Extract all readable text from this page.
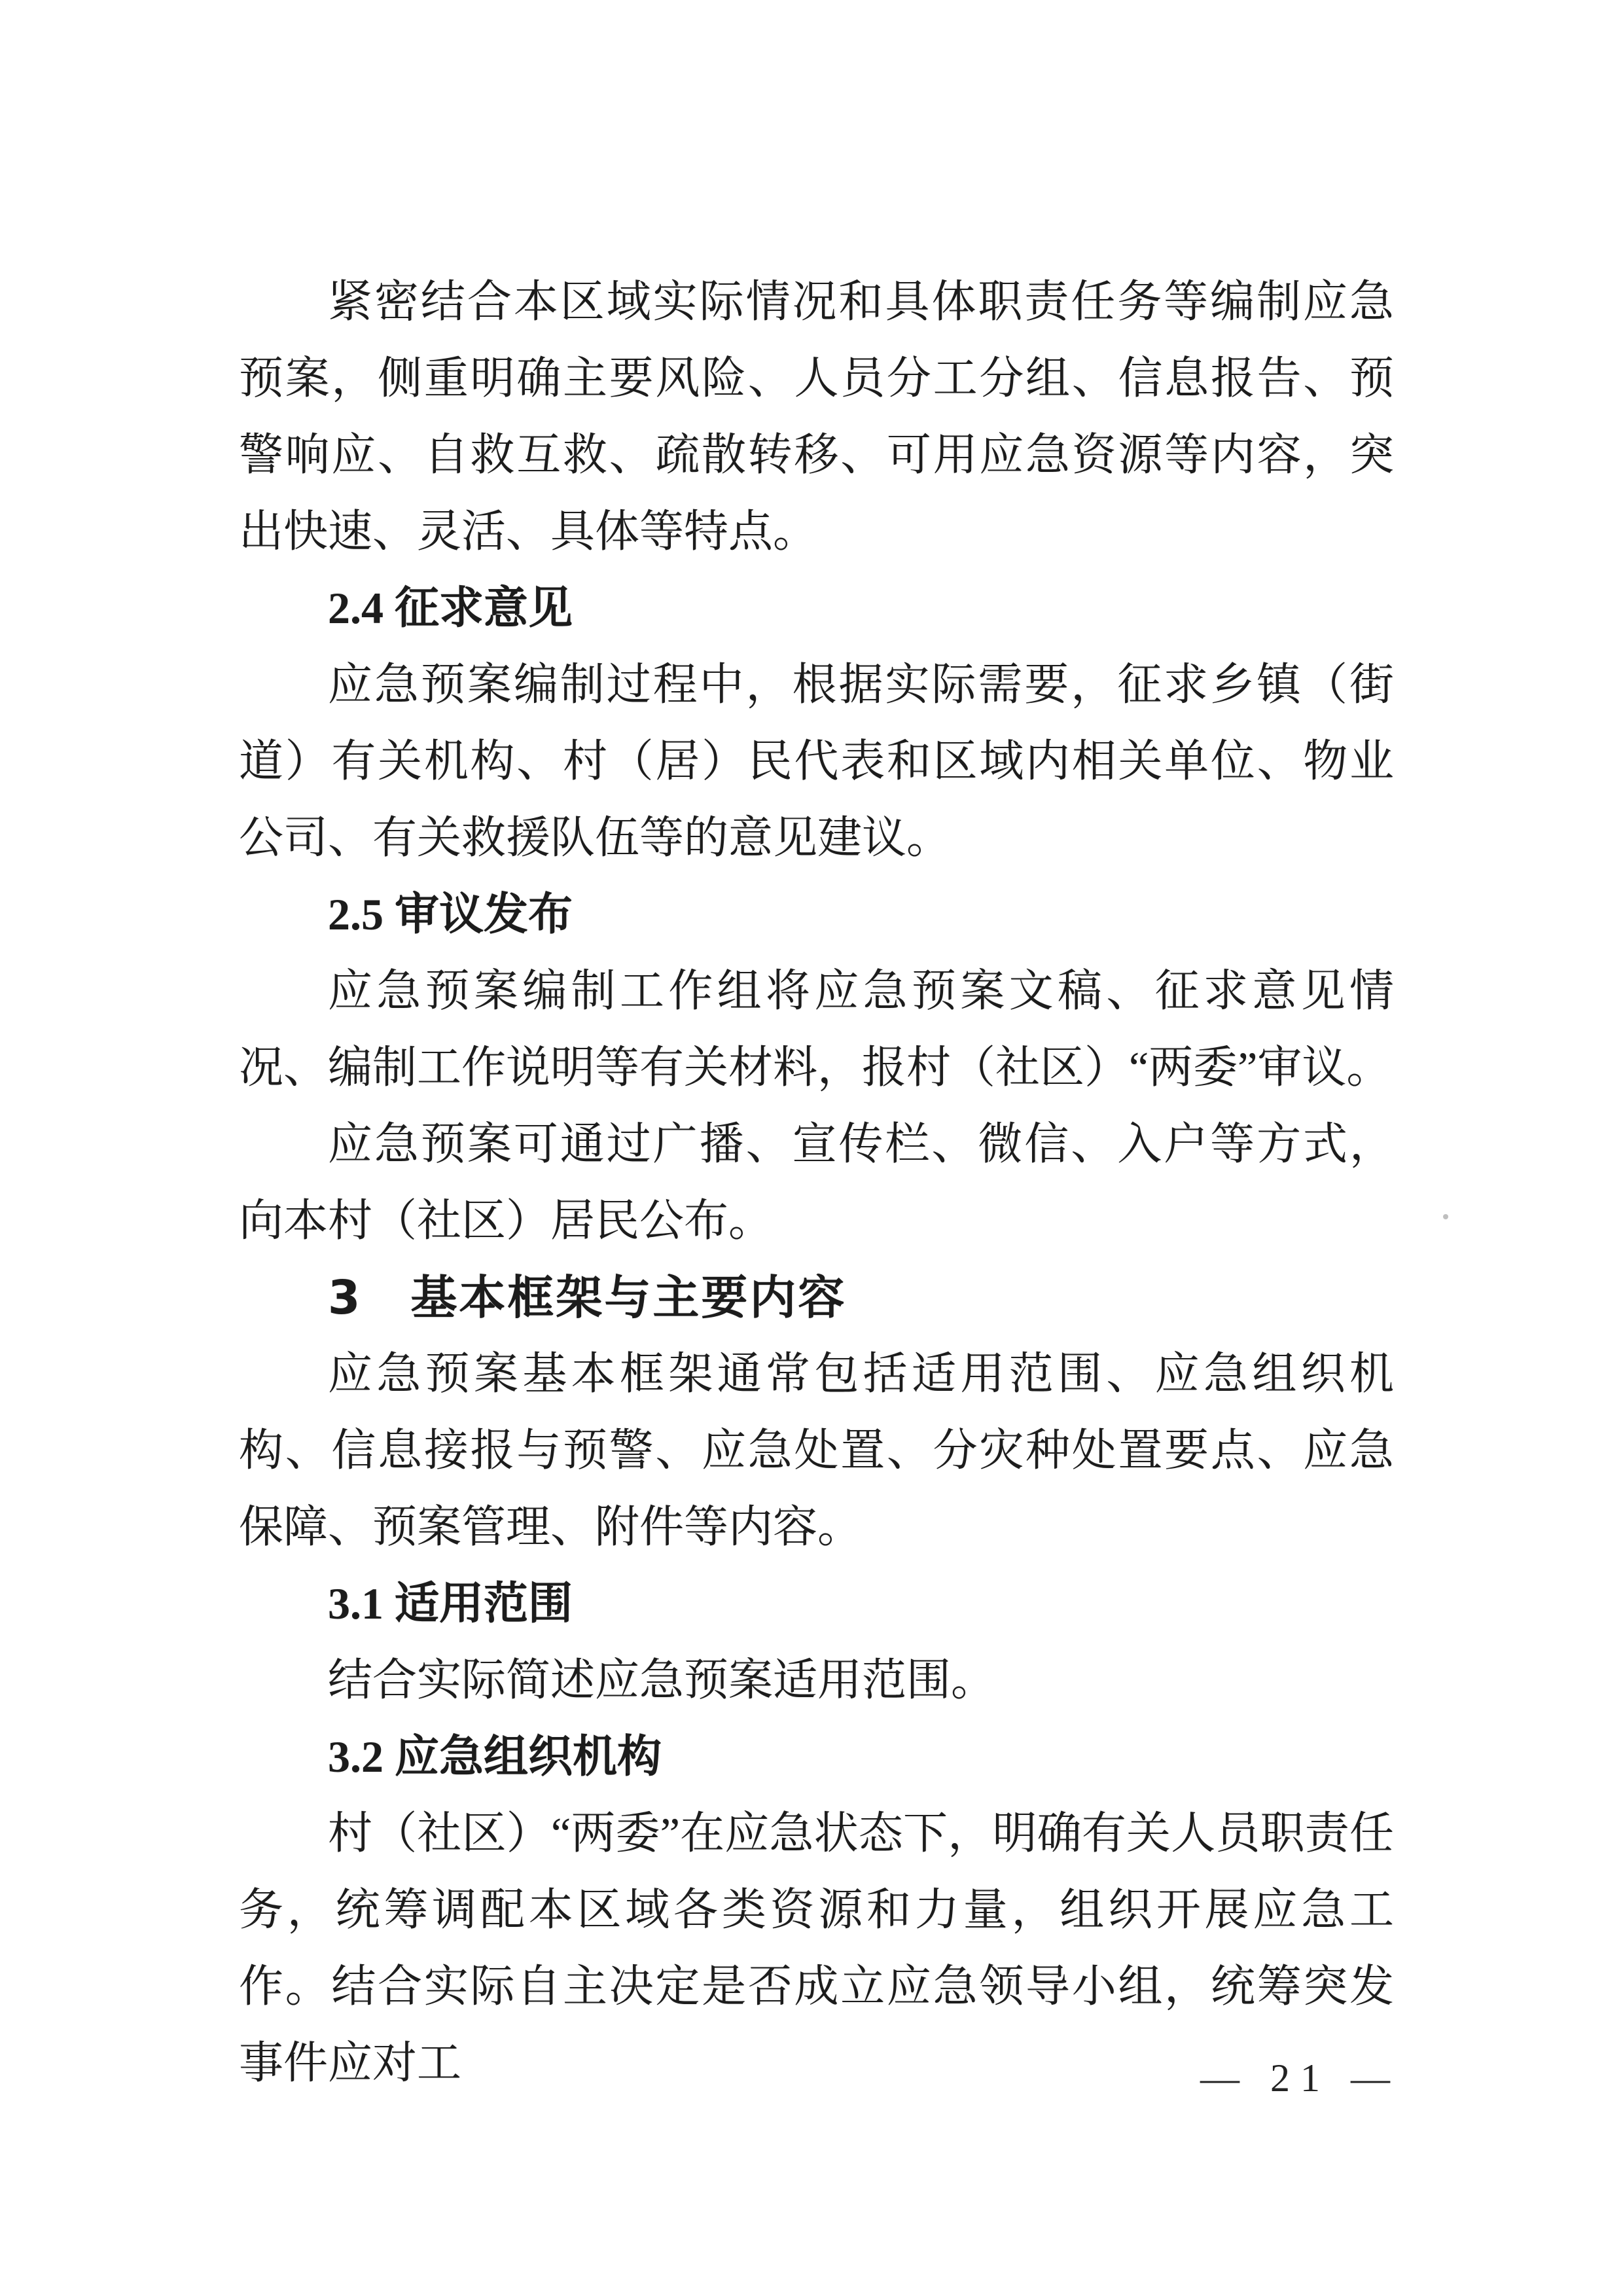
紧密结合本区域实际情况和具体职责任务等编制应急预案，侧重明确主要风险、人员分工分组、信息报告、预警响应、自救互救、疏散转移、可用应急资源等内容，突出快速、灵活、具体等特点。

2.4 征求意见

应急预案编制过程中，根据实际需要，征求乡镇（街道）有关机构、村（居）民代表和区域内相关单位、物业公司、有关救援队伍等的意见建议。

2.5 审议发布

应急预案编制工作组将应急预案文稿、征求意见情况、编制工作说明等有关材料，报村（社区）“两委”审议。

应急预案可通过广播、宣传栏、微信、入户等方式，向本村（社区）居民公布。

3　基本框架与主要内容

应急预案基本框架通常包括适用范围、应急组织机构、信息接报与预警、应急处置、分灾种处置要点、应急保障、预案管理、附件等内容。

3.1 适用范围

结合实际简述应急预案适用范围。

3.2 应急组织机构

村（社区）“两委”在应急状态下，明确有关人员职责任务，统筹调配本区域各类资源和力量，组织开展应急工作。结合实际自主决定是否成立应急领导小组，统筹突发事件应对工	— 21 —
